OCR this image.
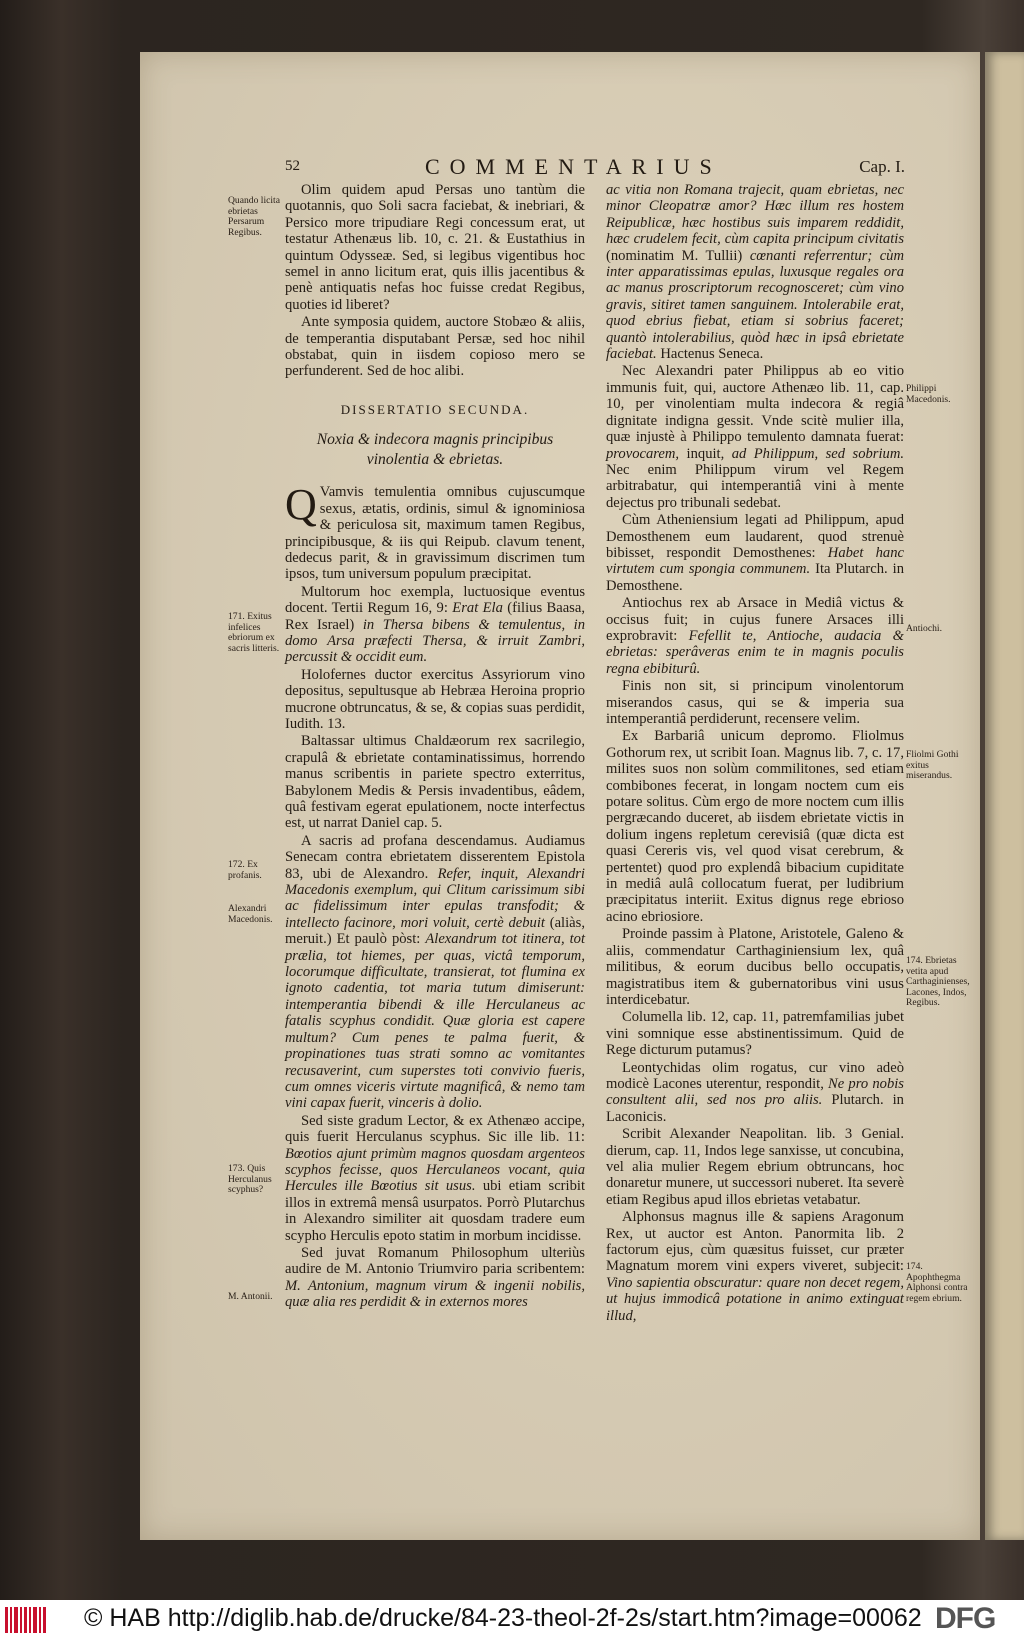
52	COMMENTARIUS	Cap. I.
Quando licita ebrietas Persarum Regibus.
171. Exitus infelices ebriorum ex sacris litteris.
172. Ex profanis.
Alexandri Macedonis.
173. Quis Herculanus scyphus?
M. Antonii.
Philippi Macedonis.
Antiochi.
Fliolmi Gothi exitus miserandus.
174. Ebrietas vetita apud Carthaginienses, Lacones, Indos, Regibus.
174. Apophthegma Alphonsi contra regem ebrium.

Olim quidem apud Persas uno tantùm die quotannis, quo Soli sacra faciebat, & inebriari, & Persico more tripudiare Regi concessum erat, ut testatur Athenæus lib. 10, c. 21. & Eustathius in quintum Odysseæ. Sed, si legibus vigentibus hoc semel in anno licitum erat, quis illis jacentibus & penè antiquatis nefas hoc fuisse credat Regibus, quoties id liberet?

Ante symposia quidem, auctore Stobæo & aliis, de temperantia disputabant Persæ, sed hoc nihil obstabat, quin in iisdem copioso mero se perfunderent. Sed de hoc alibi.

DISSERTATIO SECUNDA.

Noxia & indecora magnis principibus vinolentia & ebrietas.

Q Vamvis temulentia omnibus cujuscumque sexus, ætatis, ordinis, simul & ignominiosa & periculosa sit, maximum tamen Regibus, principibusque, & iis qui Reipub. clavum tenent, dedecus parit, & in gravissimum discrimen tum ipsos, tum universum populum præcipitat.

Multorum hoc exempla, luctuosique eventus docent. Tertii Regum 16, 9: Erat Ela (filius Baasa, Rex Israel) in Thersa bibens & temulentus, in domo Arsa præfecti Thersa, & irruit Zambri, percussit & occidit eum.

Holofernes ductor exercitus Assyriorum vino depositus, sepultusque ab Hebræa Heroina proprio mucrone obtruncatus, & se, & copias suas perdidit, Iudith. 13.

Baltassar ultimus Chaldæorum rex sacrilegio, crapulâ & ebrietate contaminatissimus, horrendo manus scribentis in pariete spectro exterritus, Babylonem Medis & Persis invadentibus, eâdem, quâ festivam egerat epulationem, nocte interfectus est, ut narrat Daniel cap. 5.

A sacris ad profana descendamus. Audiamus Senecam contra ebrietatem disserentem Epistola 83, ubi de Alexandro. Refer, inquit, Alexandri Macedonis exemplum, qui Clitum carissimum sibi ac fidelissimum inter epulas transfodit; & intellecto facinore, mori voluit, certè debuit (aliàs, meruit.) Et paulò pòst: Alexandrum tot itinera, tot prælia, tot hiemes, per quas, victâ temporum, locorumque difficultate, transierat, tot flumina ex ignoto cadentia, tot maria tutum dimiserunt: intemperantia bibendi & ille Herculaneus ac fatalis scyphus condidit. Quæ gloria est capere multum? Cum penes te palma fuerit, & propinationes tuas strati somno ac vomitantes recusaverint, cum superstes toti convivio fueris, cum omnes viceris virtute magnificâ, & nemo tam vini capax fuerit, vinceris à dolio.

Sed siste gradum Lector, & ex Athenæo accipe, quis fuerit Herculanus scyphus. Sic ille lib. 11: Bœotios ajunt primùm magnos quosdam argenteos scyphos fecisse, quos Herculaneos vocant, quia Hercules ille Bœotius sit usus. ubi etiam scribit illos in extremâ mensâ usurpatos. Porrò Plutarchus in Alexandro similiter ait quosdam tradere eum scypho Herculis epoto statim in morbum incidisse.

Sed juvat Romanum Philosophum ulteriùs audire de M. Antonio Triumviro paria scribentem: M. Antonium, magnum virum & ingenii nobilis, quæ alia res perdidit & in externos mores

ac vitia non Romana trajecit, quam ebrietas, nec minor Cleopatræ amor? Hæc illum res hostem Reipublicæ, hæc hostibus suis imparem reddidit, hæc crudelem fecit, cùm capita principum civitatis (nominatim M. Tullii) cœnanti referrentur; cùm inter apparatissimas epulas, luxusque regales ora ac manus proscriptorum recognosceret; cùm vino gravis, sitiret tamen sanguinem. Intolerabile erat, quod ebrius fiebat, etiam si sobrius faceret; quantò intolerabilius, quòd hæc in ipsâ ebrietate faciebat. Hactenus Seneca.

Nec Alexandri pater Philippus ab eo vitio immunis fuit, qui, auctore Athenæo lib. 11, cap. 10, per vinolentiam multa indecora & regiâ dignitate indigna gessit. Vnde scitè mulier illa, quæ injustè à Philippo temulento damnata fuerat: provocarem, inquit, ad Philippum, sed sobrium. Nec enim Philippum virum vel Regem arbitrabatur, qui intemperantiâ vini à mente dejectus pro tribunali sedebat.

Cùm Atheniensium legati ad Philippum, apud Demosthenem eum laudarent, quod strenuè bibisset, respondit Demosthenes: Habet hanc virtutem cum spongia communem. Ita Plutarch. in Demosthene.

Antiochus rex ab Arsace in Mediâ victus & occisus fuit; in cujus funere Arsaces illi exprobravit: Fefellit te, Antioche, audacia & ebrietas: sperâveras enim te in magnis poculis regna ebibiturû.

Finis non sit, si principum vinolentorum miserandos casus, qui se & imperia sua intemperantiâ perdiderunt, recensere velim.

Ex Barbariâ unicum depromo. Fliolmus Gothorum rex, ut scribit Ioan. Magnus lib. 7, c. 17, milites suos non solùm commilitones, sed etiam combibones fecerat, in longam noctem cum eis potare solitus. Cùm ergo de more noctem cum illis pergræcando duceret, ab iisdem ebrietate victis in dolium ingens repletum cerevisiâ (quæ dicta est quasi Cereris vis, vel quod visat cerebrum, & pertentet) quod pro explendâ bibacium cupiditate in mediâ aulâ collocatum fuerat, per ludibrium præcipitatus interiit. Exitus dignus rege ebrioso acino ebriosiore.

Proinde passim à Platone, Aristotele, Galeno & aliis, commendatur Carthaginiensium lex, quâ militibus, & eorum ducibus bello occupatis, magistratibus item & gubernatoribus vini usus interdicebatur.

Columella lib. 12, cap. 11, patremfamilias jubet vini somnique esse abstinentissimum. Quid de Rege dicturum putamus?

Leontychidas olim rogatus, cur vino adeò modicè Lacones uterentur, respondit, Ne pro nobis consultent alii, sed nos pro aliis. Plutarch. in Laconicis.

Scribit Alexander Neapolitan. lib. 3 Genial. dierum, cap. 11, Indos lege sanxisse, ut concubina, vel alia mulier Regem ebrium obtruncans, hoc donaretur munere, ut successori nuberet. Ita severè etiam Regibus apud illos ebrietas vetabatur.

Alphonsus magnus ille & sapiens Aragonum Rex, ut auctor est Anton. Panormita lib. 2 factorum ejus, cùm quæsitus fuisset, cur præter Magnatum morem vini expers viveret, subjecit: Vino sapientia obscuratur: quare non decet regem, ut hujus immodicâ potatione in animo extinguat illud,

© HAB http://diglib.hab.de/drucke/84-23-theol-2f-2s/start.htm?image=00062 DFG
